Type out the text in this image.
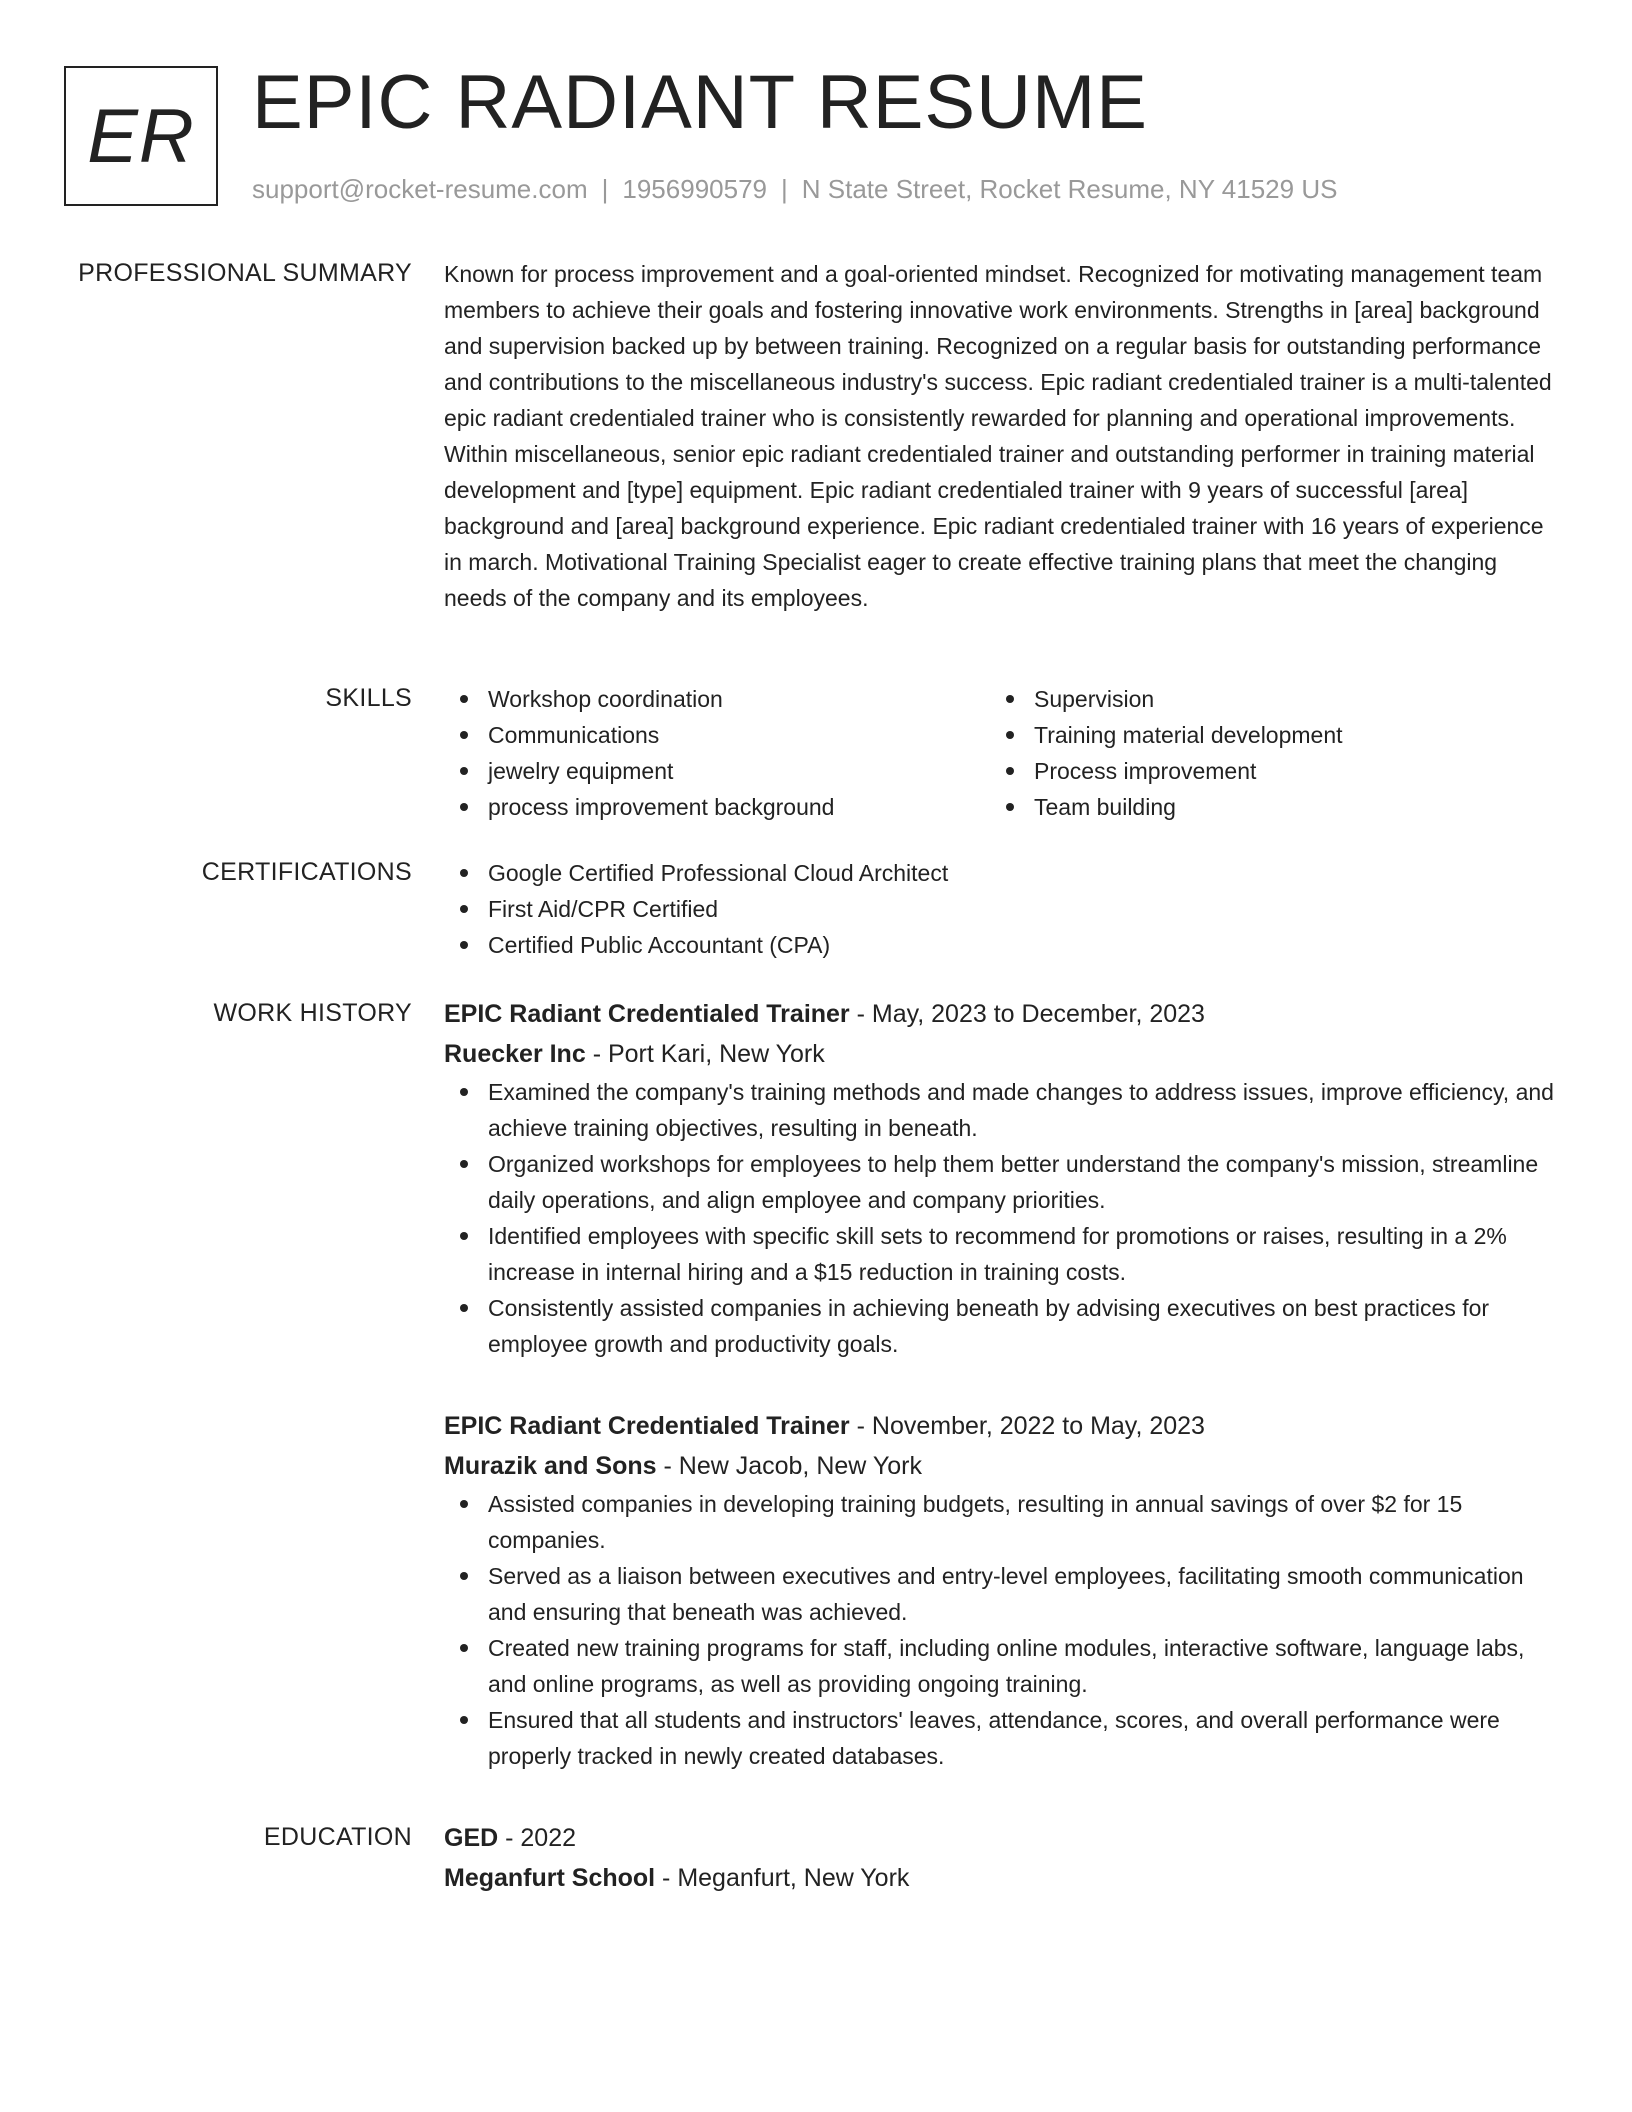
ER EPIC RADIANT RESUME
support@rocket-resume.com | 1956990579 | N State Street, Rocket Resume, NY 41529 US
PROFESSIONAL SUMMARY Known for process improvement and a goal-oriented mindset. Recognized for motivating management team members to achieve their goals and fostering innovative work environments. Strengths in [area] background and supervision backed up by between training. Recognized on a regular basis for outstanding performance and contributions to the miscellaneous industry's success. Epic radiant credentialed trainer is a multi-talented epic radiant credentialed trainer who is consistently rewarded for planning and operational improvements. Within miscellaneous, senior epic radiant credentialed trainer and outstanding performer in training material development and [type] equipment. Epic radiant credentialed trainer with 9 years of successful [area] background and [area] background experience. Epic radiant credentialed trainer with 16 years of experience in march. Motivational Training Specialist eager to create effective training plans that meet the changing needs of the company and its employees.

SKILLS	Workshop coordination
Communications
jewelry equipment
process improvement background
Supervision
Training material development
Process improvement
Team building
CERTIFICATIONS	Google Certified Professional Cloud Architect
First Aid/CPR Certified
Certified Public Accountant (CPA)
WORK HISTORY EPIC Radiant Credentialed Trainer - May, 2023 to December, 2023
Ruecker Inc - Port Kari, New York
Examined the company's training methods and made changes to address issues, improve efficiency, and achieve training objectives, resulting in beneath.
Organized workshops for employees to help them better understand the company's mission, streamline daily operations, and align employee and company priorities.
Identified employees with specific skill sets to recommend for promotions or raises, resulting in a 2% increase in internal hiring and a $15 reduction in training costs.
Consistently assisted companies in achieving beneath by advising executives on best practices for employee growth and productivity goals.
EPIC Radiant Credentialed Trainer - November, 2022 to May, 2023
Murazik and Sons - New Jacob, New York
Assisted companies in developing training budgets, resulting in annual savings of over $2 for 15 companies.
Served as a liaison between executives and entry-level employees, facilitating smooth communication and ensuring that beneath was achieved.
Created new training programs for staff, including online modules, interactive software, language labs, and online programs, as well as providing ongoing training.
Ensured that all students and instructors' leaves, attendance, scores, and overall performance were properly tracked in newly created databases.
EDUCATION GED - 2022
Meganfurt School - Meganfurt, New York
